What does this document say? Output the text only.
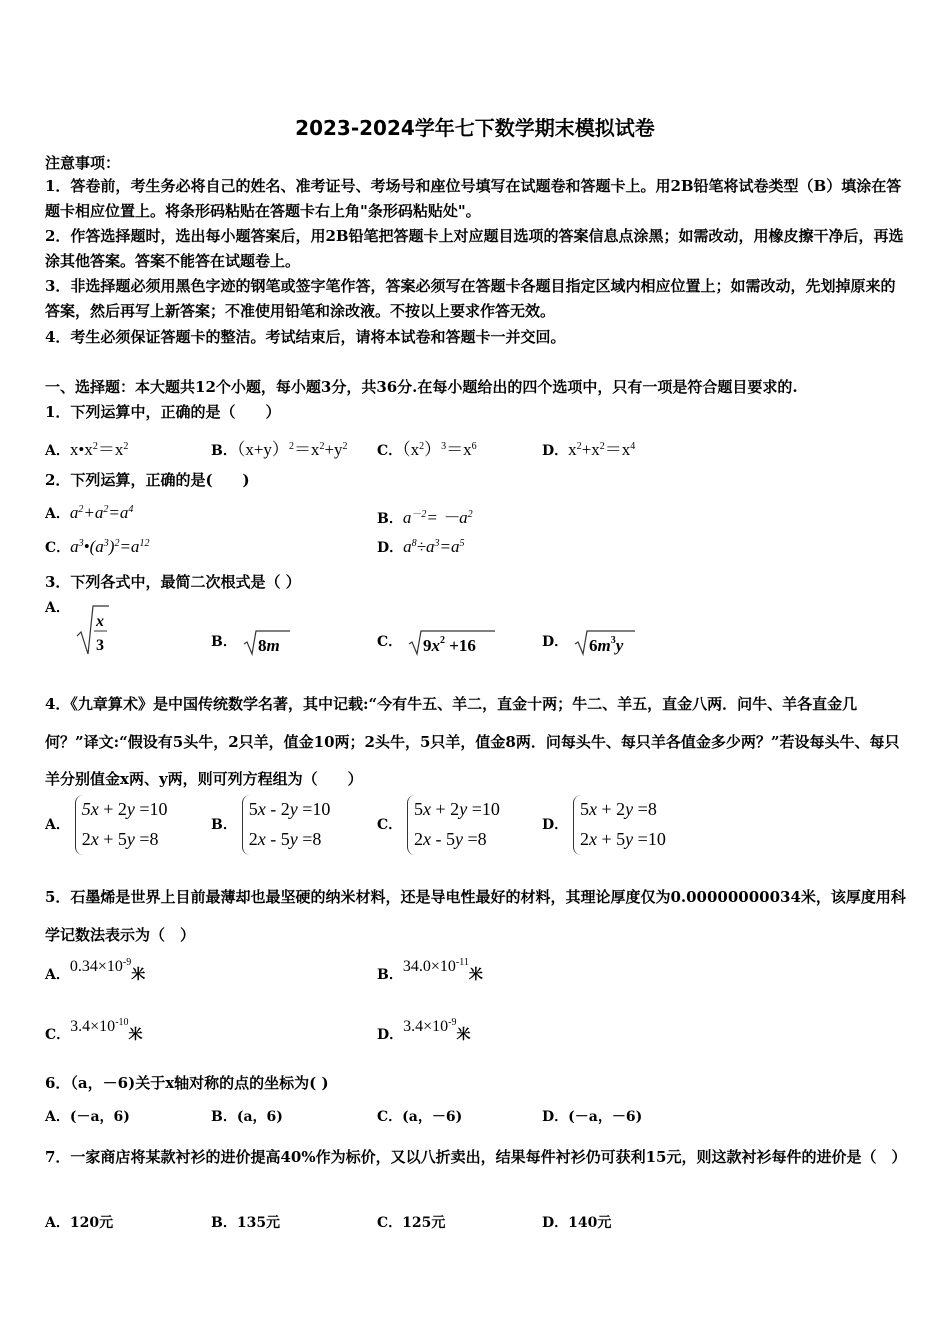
2023-2024学年七下数学期末模拟试卷
注意事项：
1．答卷前，考生务必将自己的姓名、准考证号、考场号和座位号填写在试题卷和答题卡上。用2B铅笔将试卷类型（B）填涂在答题卡相应位置上。将条形码粘贴在答题卡右上角"条形码粘贴处"。
2．作答选择题时，选出每小题答案后，用2B铅笔把答题卡上对应题目选项的答案信息点涂黑；如需改动，用橡皮擦干净后，再选涂其他答案。答案不能答在试题卷上。
3．非选择题必须用黑色字迹的钢笔或签字笔作答，答案必须写在答题卡各题目指定区域内相应位置上；如需改动，先划掉原来的答案，然后再写上新答案；不准使用铅笔和涂改液。不按以上要求作答无效。
4．考生必须保证答题卡的整洁。考试结束后，请将本试卷和答题卡一并交回。
一、选择题：本大题共12个小题，每小题3分，共36分.在每小题给出的四个选项中，只有一项是符合题目要求的.
1．下列运算中，正确的是（　　）
A．$x•x^2=x^2$	B．$(x+y)^2=x^2+y^2$ C．$(x^2)^3=x^6$	D．$x^2+x^2=x^4$
2．下列运算，正确的是(　　)
A．$a^2+a^2=a^4$
B．$a^{-2}= -a^2$
C．$a^3•(a^3)^2=a^{12}$	D．$a^8\div a^3=a^5$
3．下列各式中，最简二次根式是（ ）
A．
x
3	B． 8m	C． $9x^2 +16$	D． $6m^3y$
4．《九章算术》是中国传统数学名著，其中记载:“今有牛五、羊二，直金十两；牛二、羊五，直金八两．问牛、羊各直金几何？”译文:“假设有5头牛，2只羊，值金10两；2头牛，5只羊，值金8两．问每头牛、每只羊各值金多少两？”若设每头牛、每只羊分别值金x两、y两，则可列方程组为（　　）
A． 5x + 2y =10
2x + 5y =8
B． 5x - 2y =10
2x - 5y =8
C． 5x + 2y =10
2x - 5y =8
D． 5x + 2y =8
2x + 5y =10
5．石墨烯是世界上目前最薄却也最坚硬的纳米材料，还是导电性最好的材料，其理论厚度仅为0.00000000034米，该厚度用科学记数法表示为（　）
A．$0.34\times 10^{-9}$米	B．$34.0\times 10^{-11}$米
C．$3.4\times 10^{-10}$米	D．$3.4\times 10^{-9}$米
6．（a，－6)关于x轴对称的点的坐标为( )
A．(－a，6)	B．(a，6)	C．(a，－6)	D．(－a，－6)
7．一家商店将某款衬衫的进价提高40%作为标价，又以八折卖出，结果每件衬衫仍可获利15元，则这款衬衫每件的进价是（　）
A．120元	B．135元	C．125元	D．140元
